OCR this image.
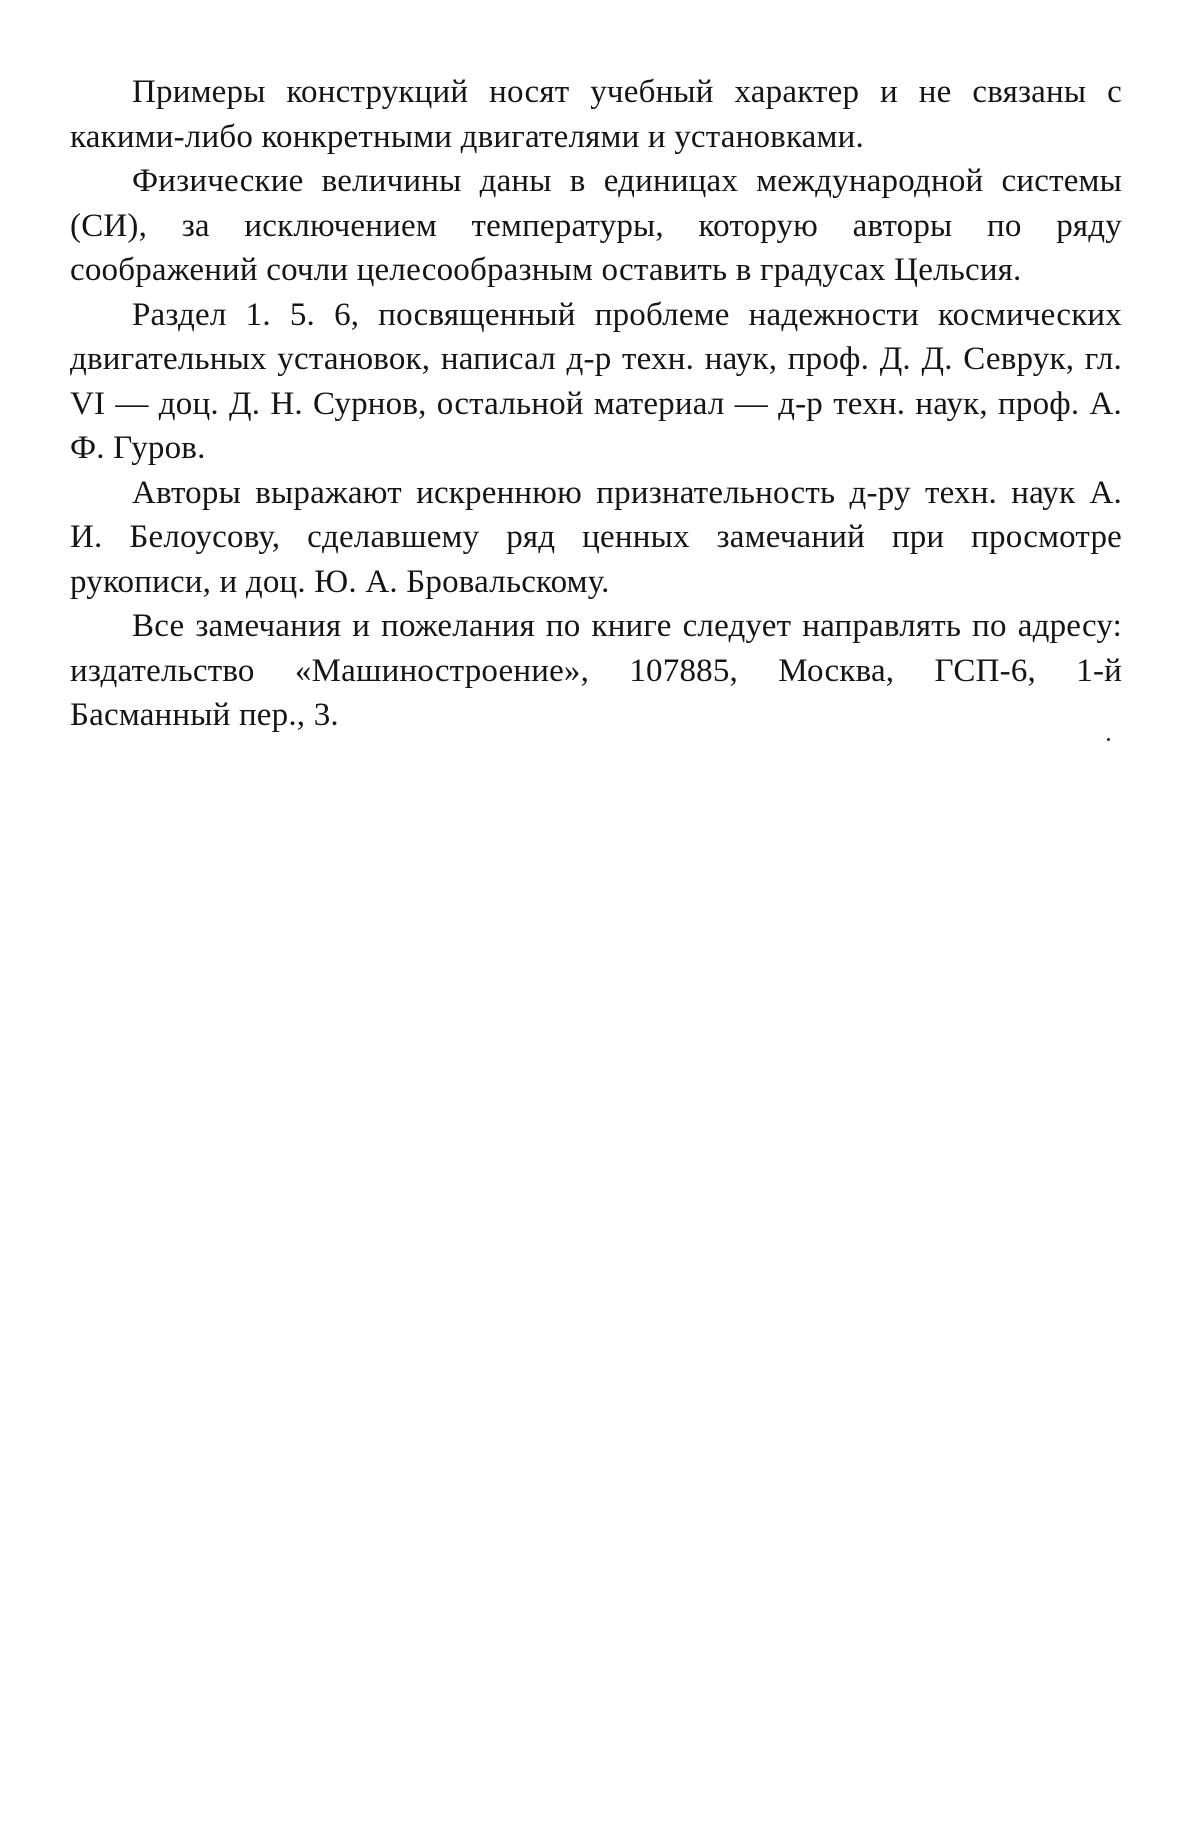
Примеры конструкций носят учебный характер и не связаны с какими-либо конкретными двигателями и установками.

Физические величины даны в единицах международной системы (СИ), за исключением температуры, которую авторы по ряду соображений сочли целесообразным оставить в градусах Цельсия.

Раздел 1. 5. 6, посвященный проблеме надежности космических двигательных установок, написал д-р техн. наук, проф. Д. Д. Севрук, гл. VI — доц. Д. Н. Сурнов, остальной материал — д-р техн. наук, проф. А. Ф. Гуров.

Авторы выражают искреннюю признательность д-ру техн. наук А. И. Белоусову, сделавшему ряд ценных замечаний при просмотре рукописи, и доц. Ю. А. Бровальскому.

Все замечания и пожелания по книге следует направлять по адресу: издательство «Машиностроение», 107885, Москва, ГСП-6, 1-й Басманный пер., 3.
